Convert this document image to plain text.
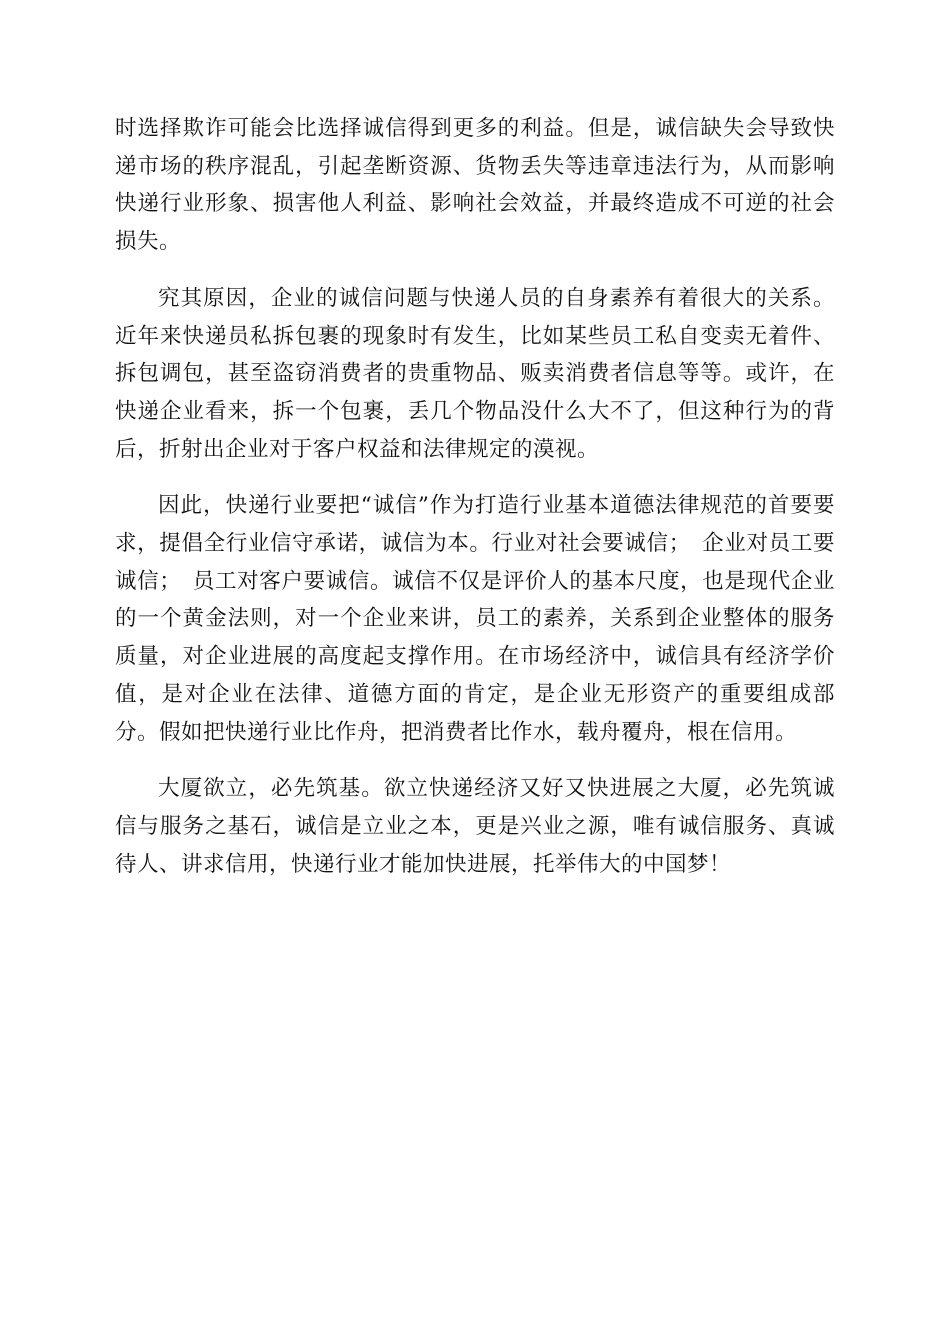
时选择欺诈可能会比选择诚信得到更多的利益。但是，诚信缺失会导致快递市场的秩序混乱，引起垄断资源、货物丢失等违章违法行为，从而影响快递行业形象、损害他人利益、影响社会效益，并最终造成不可逆的社会损失。

究其原因，企业的诚信问题与快递人员的自身素养有着很大的关系。近年来快递员私拆包裹的现象时有发生，比如某些员工私自变卖无着件、拆包调包，甚至盗窃消费者的贵重物品、贩卖消费者信息等等。或许，在快递企业看来，拆一个包裹，丢几个物品没什么大不了，但这种行为的背后，折射出企业对于客户权益和法律规定的漠视。

因此，快递行业要把“诚信”作为打造行业基本道德法律规范的首要要求，提倡全行业信守承诺，诚信为本。行业对社会要诚信；　企业对员工要诚信；　员工对客户要诚信。诚信不仅是评价人的基本尺度，也是现代企业的一个黄金法则，对一个企业来讲，员工的素养，关系到企业整体的服务质量，对企业进展的高度起支撑作用。在市场经济中，诚信具有经济学价值，是对企业在法律、道德方面的肯定，是企业无形资产的重要组成部分。假如把快递行业比作舟，把消费者比作水，载舟覆舟，根在信用。

大厦欲立，必先筑基。欲立快递经济又好又快进展之大厦，必先筑诚信与服务之基石，诚信是立业之本，更是兴业之源，唯有诚信服务、真诚待人、讲求信用，快递行业才能加快进展，托举伟大的中国梦！
